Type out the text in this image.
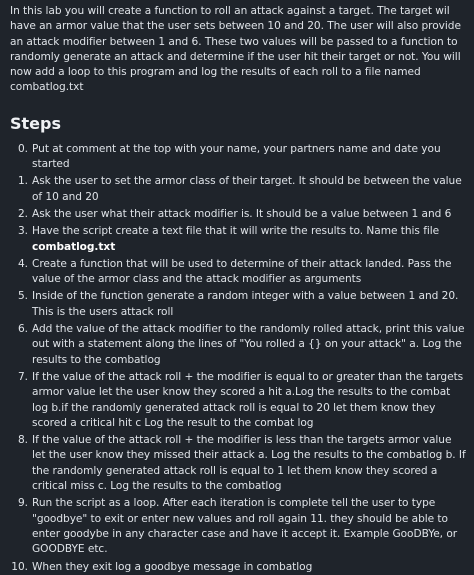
In this lab you will create a function to roll an attack against a target. The target wil have an armor value that the user sets between 10 and 20. The user will also provide an attack modifier between 1 and 6. These two values will be passed to a function to randomly generate an attack and determine if the user hit their target or not. You will now add a loop to this program and log the results of each roll to a file named combatlog.txt

Steps
0. Put at comment at the top with your name, your partners name and date you started
1. Ask the user to set the armor class of their target. It should be between the value of 10 and 20
2. Ask the user what their attack modifier is. It should be a value between 1 and 6
3. Have the script create a text file that it will write the results to. Name this file combatlog.txt
4. Create a function that will be used to determine of their attack landed. Pass the value of the armor class and the attack modifier as arguments
5. Inside of the function generate a random integer with a value between 1 and 20. This is the users attack roll
6. Add the value of the attack modifier to the randomly rolled attack, print this value out with a statement along the lines of "You rolled a {} on your attack" a. Log the results to the combatlog
7. If the value of the attack roll + the modifier is equal to or greater than the targets armor value let the user know they scored a hit a.Log the results to the combat log b.if the randomly generated attack roll is equal to 20 let them know they scored a critical hit c Log the result to the combat log
8. If the value of the attack roll + the modifier is less than the targets armor value let the user know they missed their attack a. Log the results to the combatlog b. If the randomly generated attack roll is equal to 1 let them know they scored a critical miss c. Log the results to the combatlog
9. Run the script as a loop. After each iteration is complete tell the user to type "goodbye" to exit or enter new values and roll again 11. they should be able to enter goodybe in any character case and have it accept it. Example GooDBYe, or GOODBYE etc.
10. When they exit log a goodbye message in combatlog
